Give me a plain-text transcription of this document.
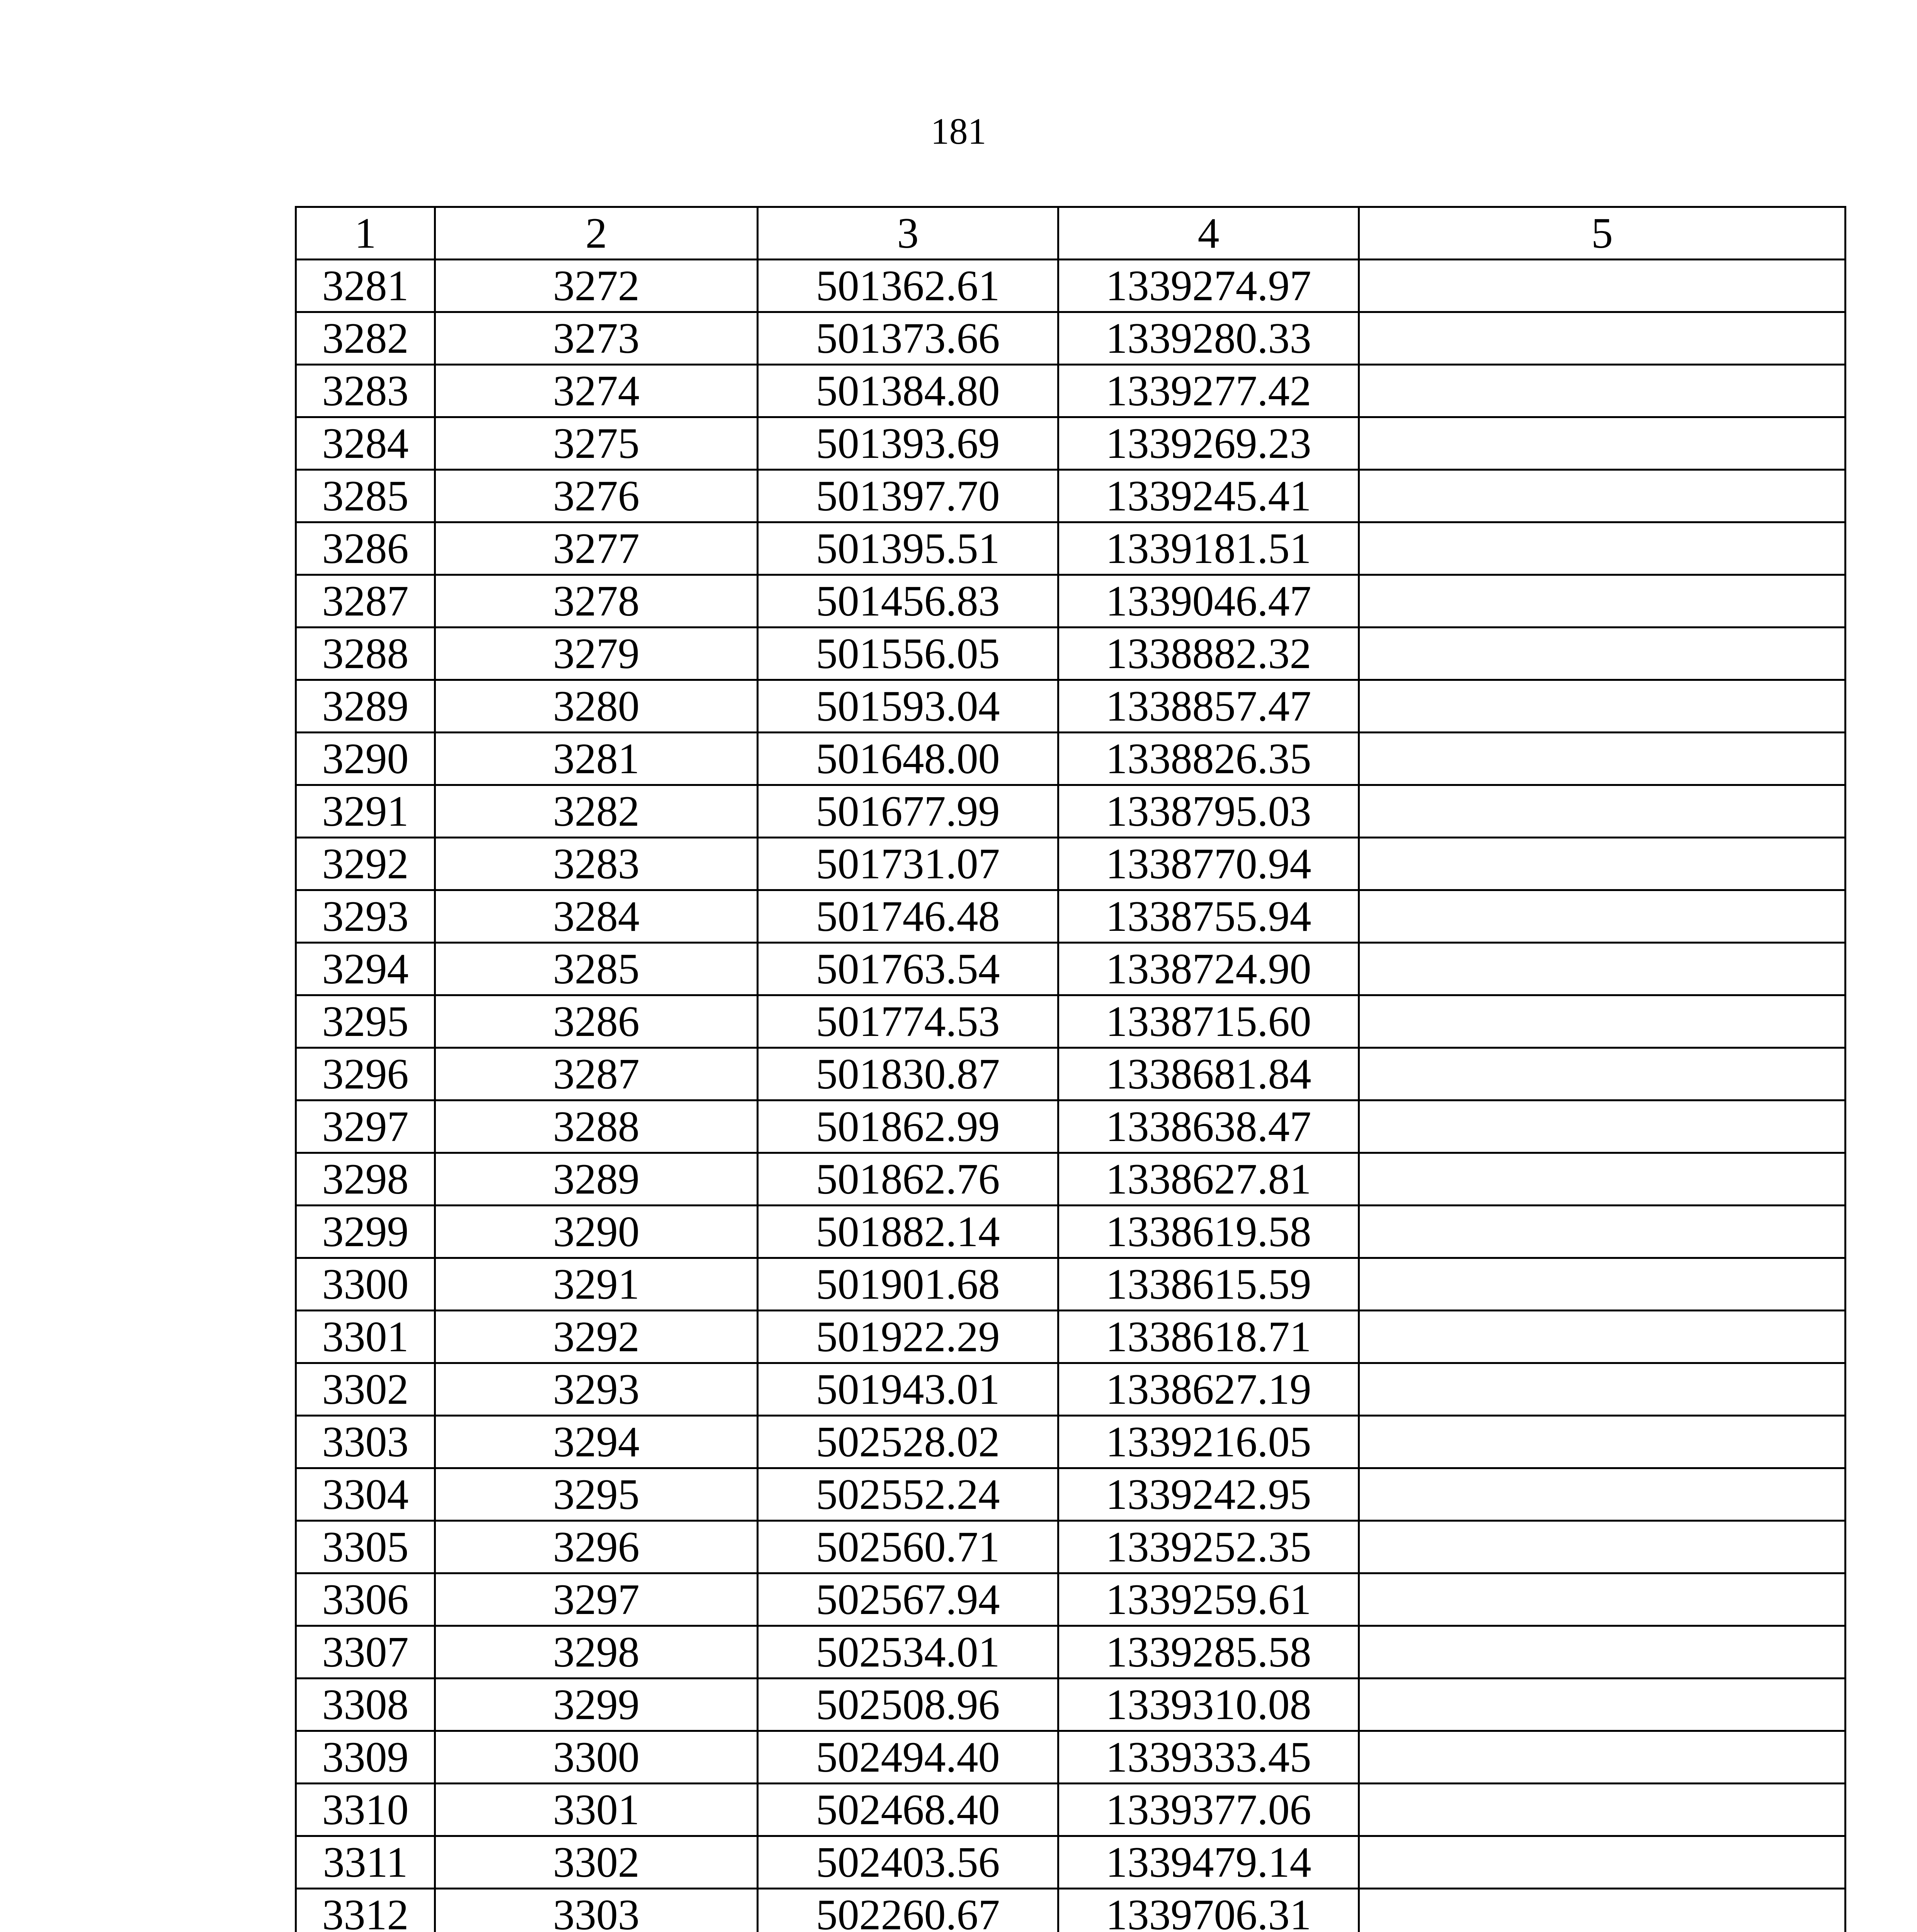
181
1	2	3	4	5
3281	3272	501362.61	1339274.97	
3282	3273	501373.66	1339280.33	
3283	3274	501384.80	1339277.42	
3284	3275	501393.69	1339269.23	
3285	3276	501397.70	1339245.41	
3286	3277	501395.51	1339181.51	
3287	3278	501456.83	1339046.47	
3288	3279	501556.05	1338882.32	
3289	3280	501593.04	1338857.47	
3290	3281	501648.00	1338826.35	
3291	3282	501677.99	1338795.03	
3292	3283	501731.07	1338770.94	
3293	3284	501746.48	1338755.94	
3294	3285	501763.54	1338724.90	
3295	3286	501774.53	1338715.60	
3296	3287	501830.87	1338681.84	
3297	3288	501862.99	1338638.47	
3298	3289	501862.76	1338627.81	
3299	3290	501882.14	1338619.58	
3300	3291	501901.68	1338615.59	
3301	3292	501922.29	1338618.71	
3302	3293	501943.01	1338627.19	
3303	3294	502528.02	1339216.05	
3304	3295	502552.24	1339242.95	
3305	3296	502560.71	1339252.35	
3306	3297	502567.94	1339259.61	
3307	3298	502534.01	1339285.58	
3308	3299	502508.96	1339310.08	
3309	3300	502494.40	1339333.45	
3310	3301	502468.40	1339377.06	
3311	3302	502403.56	1339479.14	
3312	3303	502260.67	1339706.31	
